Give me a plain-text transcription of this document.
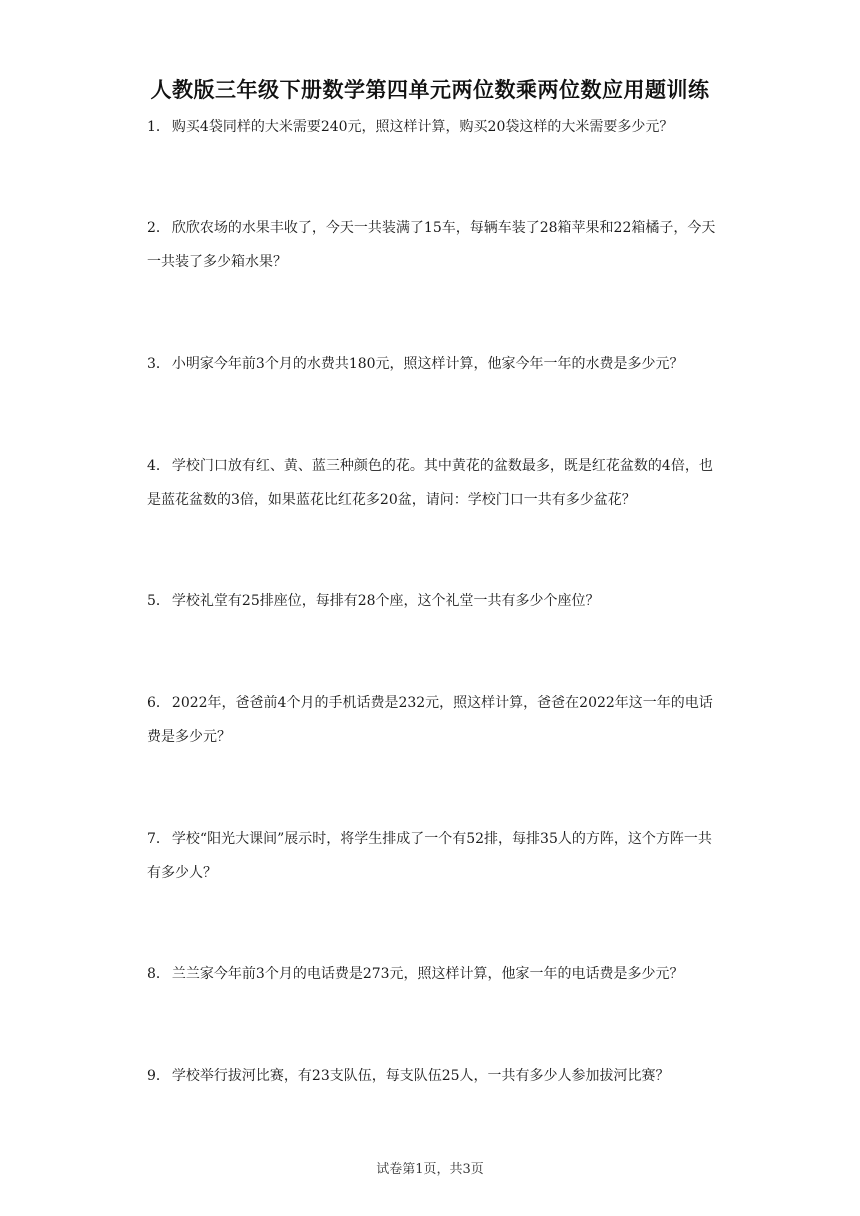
人教版三年级下册数学第四单元两位数乘两位数应用题训练
1． 购买4袋同样的大米需要240元，照这样计算，购买20袋这样的大米需要多少元？
2． 欣欣农场的水果丰收了，今天一共装满了15车，每辆车装了28箱苹果和22箱橘子，今天一共装了多少箱水果？
3． 小明家今年前3个月的水费共180元，照这样计算，他家今年一年的水费是多少元？
4． 学校门口放有红、黄、蓝三种颜色的花。其中黄花的盆数最多，既是红花盆数的4倍，也是蓝花盆数的3倍，如果蓝花比红花多20盆，请问：学校门口一共有多少盆花？
5． 学校礼堂有25排座位，每排有28个座，这个礼堂一共有多少个座位？
6． 2022年，爸爸前4个月的手机话费是232元，照这样计算，爸爸在2022年这一年的电话费是多少元？
7． 学校“阳光大课间”展示时，将学生排成了一个有52排，每排35人的方阵，这个方阵一共有多少人？
8． 兰兰家今年前3个月的电话费是273元，照这样计算，他家一年的电话费是多少元？
9． 学校举行拔河比赛，有23支队伍，每支队伍25人，一共有多少人参加拔河比赛？
试卷第1页，共3页
